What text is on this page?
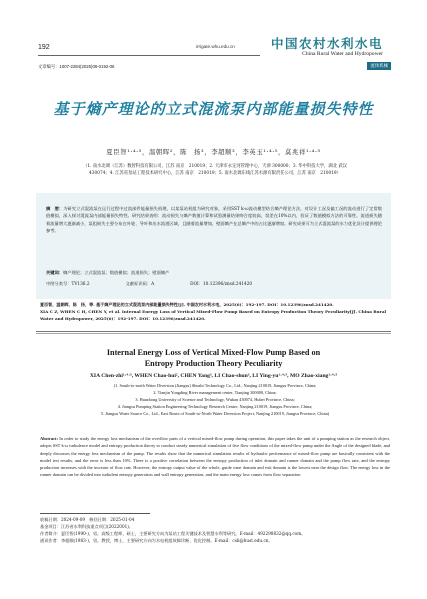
192	irrigate.whu.edu.cn	中国农村水利水电
China Rural Water and Hydropower
文章编号：1007-2284(2025)06-0192-06	流体机械
基于熵产理论的立式混流泵内部能量损失特性
夏臣智¹·⁴·⁵，温朝晖²，陈　扬³，李超顺³，李英玉¹·⁴·⁵，莫兆祥¹·⁴·⁵
（1. 南水北调（江苏）数智科技有限公司，江苏 南京　210019；2. 天津市永定河管理中心，天津 300000；3. 华中科技大学，湖北 武汉
430074；4. 江苏省泵站工程技术研究中心，江苏 南京　210019；5. 南水北调东线江苏水源有限责任公司，江苏 南京　210019）
摘　要：为研究立式混流泵在运行过程中过流部件能量损失机理，以某泵站机组为研究对象，采用SST k-ω流动模型结合熵产理论方法，对设计工况及偏工况的流动进行了定常数值模拟，深入探讨混流泵内部能量损失特性。研究结果表明：流动损失与熵产数值计算和试验测量结果吻合度较高，误差在10%以内，验证了数值模拟方法的可靠性。流道损失随着流量增大逐渐减小，泵组损失主要分布在叶轮、导叶和出水流道区域，且随着流量增加，壁面熵产在总熵产中的占比逐渐增加。研究成果可为立式混流泵的水力优化设计提供理论参考。
关键词：熵产理论；立式混流泵；数值模拟；流道损失；壁面熵产
中图分类号：TV136.2	文献标识码：A	DOI：10.12396/znsd.241420
夏臣智，温朝晖，陈　扬，等. 基于熵产理论的立式混流泵内部能量损失特性[J]. 中国农村水利水电，2025(6)：192-197. DOI：10.12396/znsd.241420.
XIA C Z, WHEN C H, CHEN Y, et al. Internal Energy Loss of Vertical Mixed-Flow Pump Based on Entropy Production Theory Peculiarity[J]. China Rural Water and Hydropower, 2025(6)：192-197. DOI：10.12396/znsd.241420.
Internal Energy Loss of Vertical Mixed-Flow Pump Based on
Entropy Production Theory Peculiarity
XIA Chen-zhi¹·⁴·⁵, WHEN Chao-hui², CHEN Yang³, LI Chao-shun³, LI Ying-yu¹·⁴·⁵, MO Zhao-xiang¹·⁴·⁵
(1. South-to-north Water Diversion (Jiangsu) Shuzhi Technology Co., Ltd., Nanjing 210019, Jiangsu Province, China;
2. Tianjin Yongding River management center, Tianjing 300000, China;
3. Huazhong University of Science and Technology, Wuhan 430074, Hubei Province, China;
4. Jiangsu Pumping Station Engineering Technology Research Centre, Nanjing 210019, Jiangsu Province, China;
5. Jiangsu Water Source Co., Ltd., East Route of South-to-North Water Diversion Project, Nanjing 210019, Jiangsu Province, China)
Abstract: In order to study the energy loss mechanism of the overflow parts of a vertical mixed-flow pump during operation, this paper takes the unit of a pumping station as the research object, adopts SST k-ω turbulence model and entropy production theory to conduct steady numerical simulation of five flow conditions of the mixed-flow pump under the Angle of the designed blade, and deeply discusses the energy loss mechanism of the pump. The results show that the numerical simulation results of hydraulic performance of mixed-flow pump are basically consistent with the model test results, and the error is less than 10%. There is a positive correlation between the entropy production of inlet domain and runner domain and the pump flow rate, and the entropy production increases with the increase of flow rate. However, the entropy output value of the whole, guide vane domain and exit domain is the lowest near the design flow. The energy loss in the runner domain can be divided into turbulent entropy generation and wall entropy generation, and the main energy loss comes from flow separation
收稿日期：2024-09-09　 修回日期：2025-01-04
基金项目：江苏省水利科技重点项目(2022001)。
作者简介：夏臣智(1990-)，男，高级工程师，硕士，主要研究方向为泵站工程关键技术及智慧水利等研究。E-mail：492298832@qq.com。
通讯作者：李超顺(1983-)，男，教授，博士，主要研究方向为水电机组故障诊断、优化控制。E-mail：csli@hust.edu.cn。
